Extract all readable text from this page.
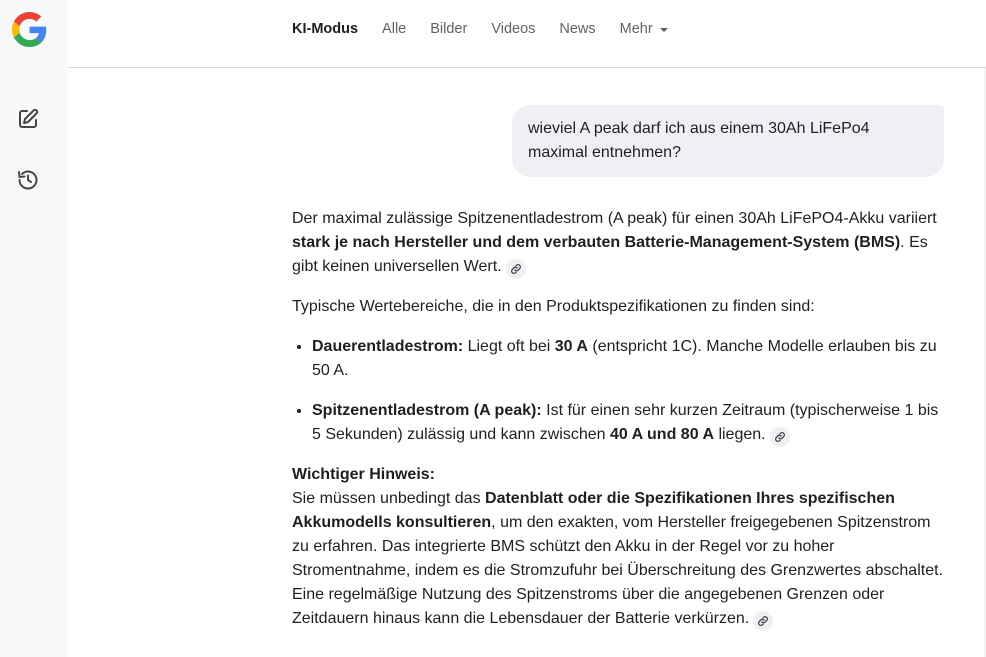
KI-Modus Alle Bilder Videos News Mehr
wieviel A peak darf ich aus einem 30Ah LiFePo4 maximal entnehmen?

Der maximal zulässige Spitzenentladestrom (A peak) für einen 30Ah LiFePO4-Akku variiert stark je nach Hersteller und dem verbauten Batterie-Management-System (BMS). Es gibt keinen universellen Wert.

Typische Wertebereiche, die in den Produktspezifikationen zu finden sind:

• Dauerentladestrom: Liegt oft bei 30 A (entspricht 1C). Manche Modelle erlauben bis zu 50 A.
• Spitzenentladestrom (A peak): Ist für einen sehr kurzen Zeitraum (typischerweise 1 bis 5 Sekunden) zulässig und kann zwischen 40 A und 80 A liegen.

Wichtiger Hinweis:
Sie müssen unbedingt das Datenblatt oder die Spezifikationen Ihres spezifischen Akkumodells konsultieren, um den exakten, vom Hersteller freigegebenen Spitzenstrom zu erfahren. Das integrierte BMS schützt den Akku in der Regel vor zu hoher Stromentnahme, indem es die Stromzufuhr bei Überschreitung des Grenzwertes abschaltet. Eine regelmäßige Nutzung des Spitzenstroms über die angegebenen Grenzen oder Zeitdauern hinaus kann die Lebensdauer der Batterie verkürzen.
